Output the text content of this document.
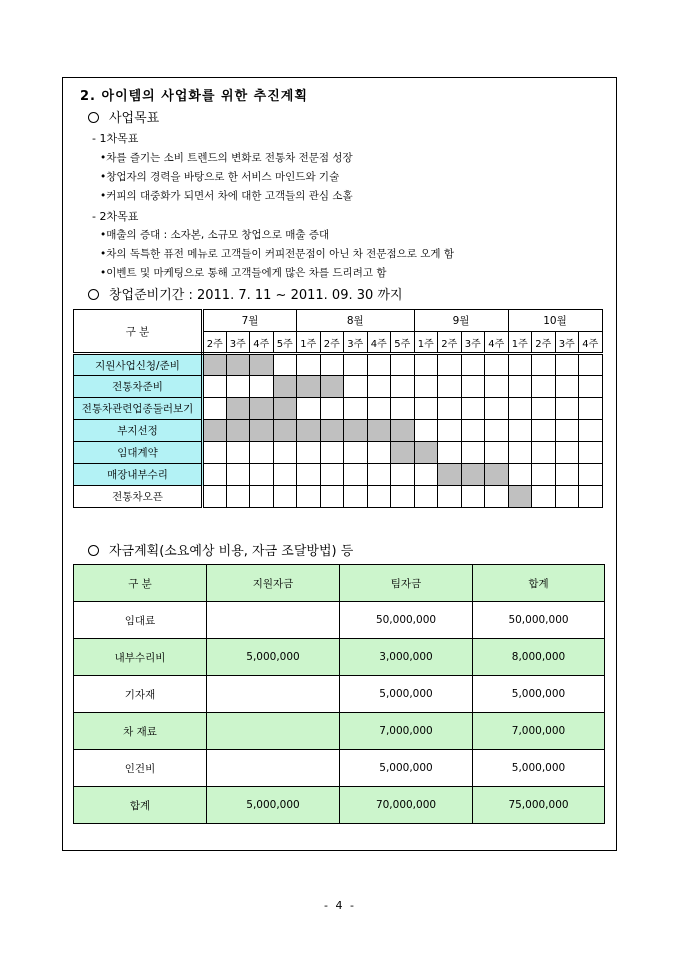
2. 아이템의 사업화를 위한 추진계획
사업목표
- 1차목표
•차를 즐기는 소비 트렌드의 변화로 전통차 전문점 성장
•창업자의 경력을 바탕으로 한 서비스 마인드와 기술
•커피의 대중화가 되면서 차에 대한 고객들의 관심 소홀
- 2차목표
•매출의 증대 : 소자본, 소규모 창업으로 매출 증대
•차의 독특한 퓨전 메뉴로 고객들이 커피전문점이 아닌 차 전문점으로 오게 함
•이벤트 및 마케팅으로 통해 고객들에게 많은 차를 드리려고 함
창업준비기간 : 2011. 7. 11 ~ 2011. 09. 30 까지
구 분	7월				8월					9월				10월			
	2주	3주	4주	5주	1주	2주	3주	4주	5주	1주	2주	3주	4주	1주	2주	3주	4주
지원사업신청/준비																	
전통차준비																	
전통차관련업종둘러보기																	
부지선정																	
임대계약																	
매장내부수리																	
전통차오픈																	
자금계획(소요예상 비용, 자금 조달방법) 등
구 분	지원자금	팀자금	합계
임대료		50,000,000	50,000,000
내부수리비	5,000,000	3,000,000	8,000,000
기자재		5,000,000	5,000,000
차 재료		7,000,000	7,000,000
인건비		5,000,000	5,000,000
합계	5,000,000	70,000,000	75,000,000
- 4 -
